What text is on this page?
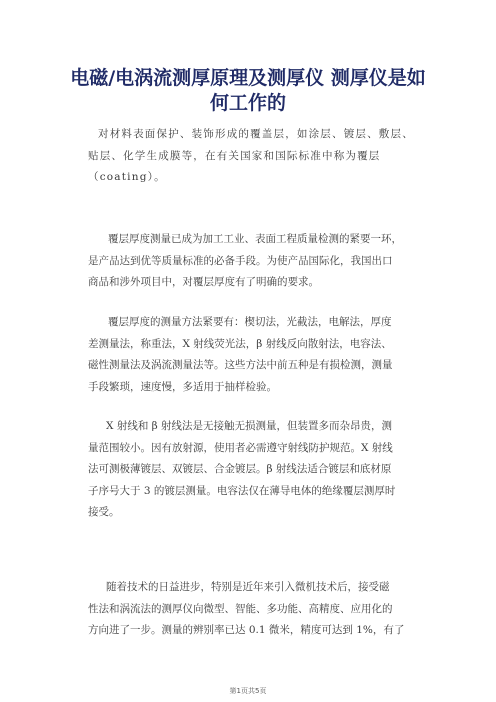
电磁/电涡流测厚原理及测厚仪 测厚仪是如
何工作的

对材料表面保护、装饰形成的覆盖层，如涂层、镀层、敷层、
贴层、化学生成膜等，在有关国家和国际标准中称为覆层
（coating）。

覆层厚度测量已成为加工工业、表面工程质量检测的紧要一环，
是产品达到优等质量标准的必备手段。为使产品国际化，我国出口
商品和涉外项目中，对覆层厚度有了明确的要求。

覆层厚度的测量方法紧要有：楔切法，光截法，电解法，厚度
差测量法，称重法，X 射线荧光法，β 射线反向散射法，电容法、
磁性测量法及涡流测量法等。这些方法中前五种是有损检测，测量
手段繁琐，速度慢，多适用于抽样检验。

X 射线和 β 射线法是无接触无损测量，但装置多而杂昂贵，测
量范围较小。因有放射源，使用者必需遵守射线防护规范。X 射线
法可测极薄镀层、双镀层、合金镀层。β 射线法适合镀层和底材原
子序号大于 3 的镀层测量。电容法仅在薄导电体的绝缘覆层测厚时
接受。

随着技术的日益进步，特别是近年来引入微机技术后，接受磁
性法和涡流法的测厚仪向微型、智能、多功能、高精度、应用化的
方向进了一步。测量的辨别率已达 0.1 微米，精度可达到 1%，有了

第1页共5页
